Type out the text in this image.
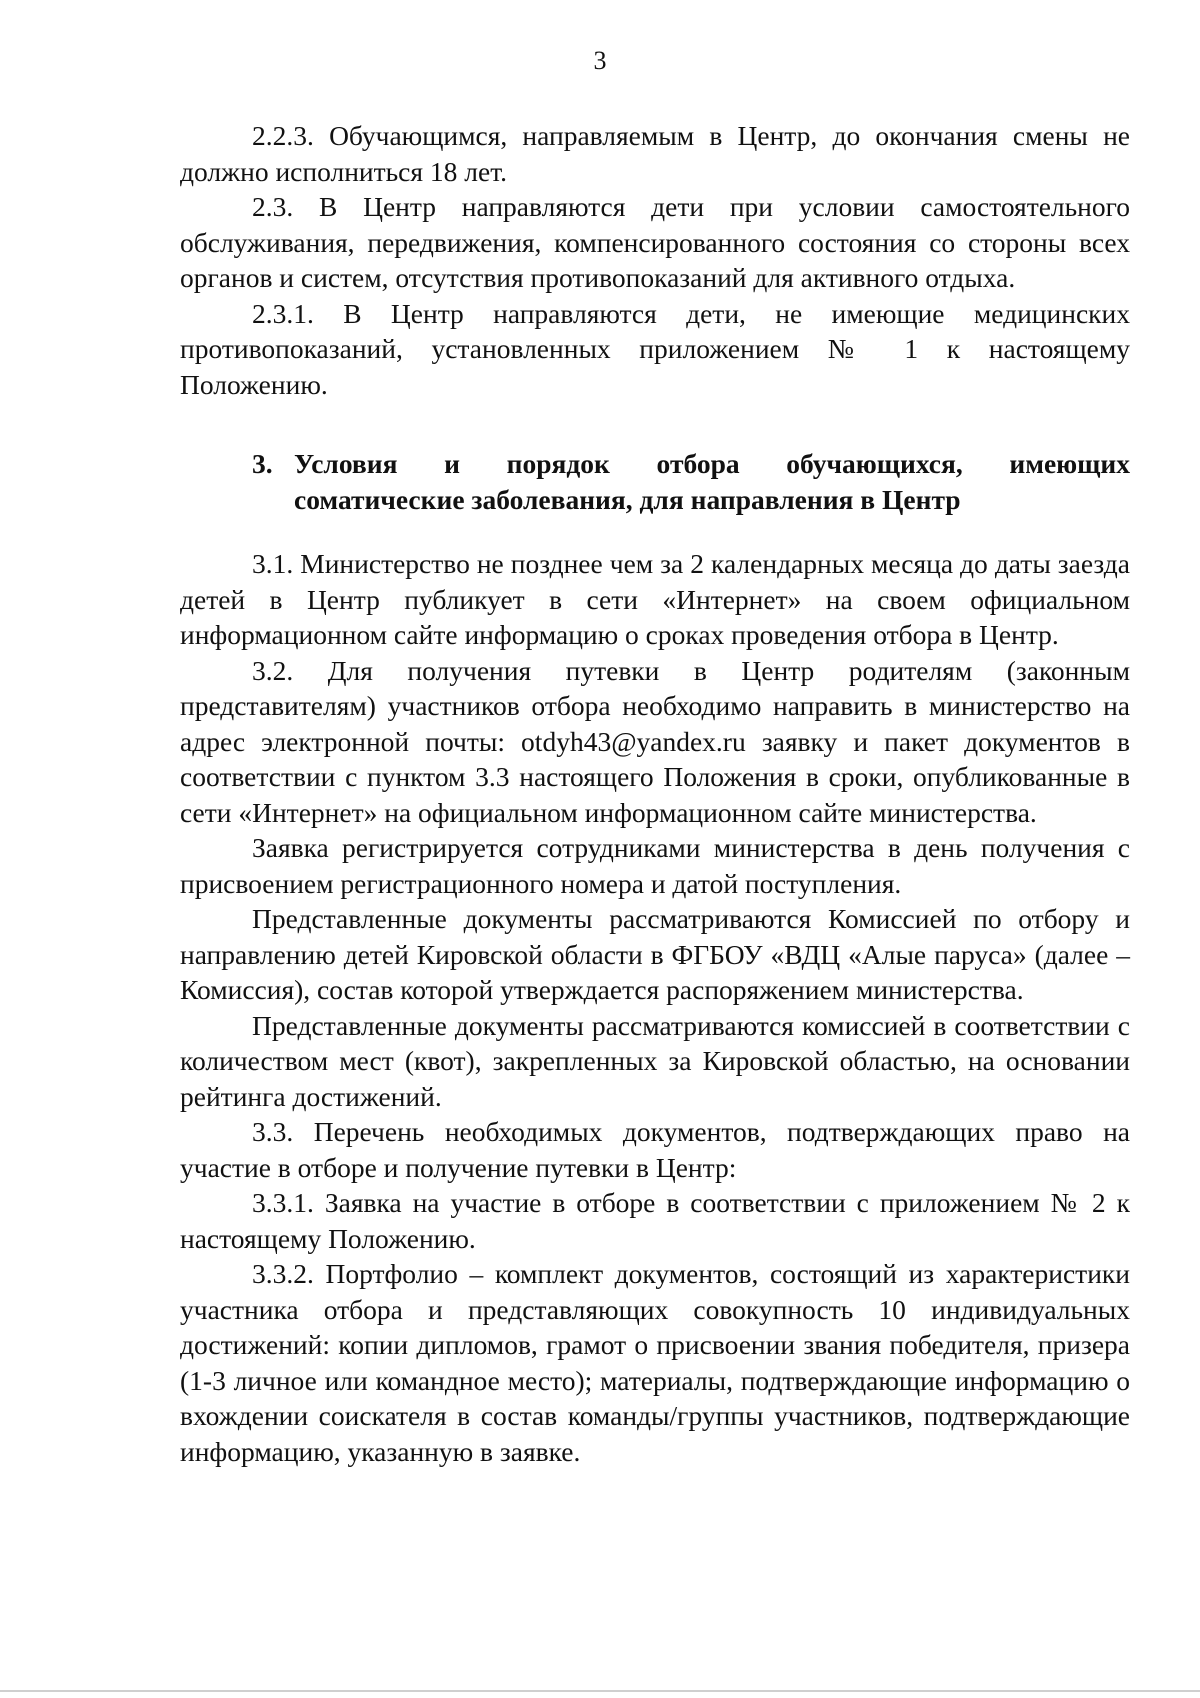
3

2.2.3. Обучающимся, направляемым в Центр, до окончания смены не должно исполниться 18 лет.

2.3. В Центр направляются дети при условии самостоятельного обслуживания, передвижения, компенсированного состояния со стороны всех органов и систем, отсутствия противопоказаний для активного отдыха.

2.3.1. В Центр направляются дети, не имеющие медицинских противопоказаний, установленных приложением № 1 к настоящему Положению.

3. Условия и порядок отбора обучающихся, имеющих
соматические заболевания, для направления в Центр

3.1. Министерство не позднее чем за 2 календарных месяца до даты заезда детей в Центр публикует в сети «Интернет» на своем официальном информационном сайте информацию о сроках проведения отбора в Центр.

3.2. Для получения путевки в Центр родителям (законным представителям) участников отбора необходимо направить в министерство на адрес электронной почты: otdyh43@yandex.ru заявку и пакет документов в соответствии с пунктом 3.3 настоящего Положения в сроки, опубликованные в сети «Интернет» на официальном информационном сайте министерства.

Заявка регистрируется сотрудниками министерства в день получения с присвоением регистрационного номера и датой поступления.

Представленные документы рассматриваются Комиссией по отбору и направлению детей Кировской области в ФГБОУ «ВДЦ «Алые паруса» (далее – Комиссия), состав которой утверждается распоряжением министерства.

Представленные документы рассматриваются комиссией в соответствии с количеством мест (квот), закрепленных за Кировской областью, на основании рейтинга достижений.

3.3. Перечень необходимых документов, подтверждающих право на участие в отборе и получение путевки в Центр:

3.3.1. Заявка на участие в отборе в соответствии с приложением № 2 к настоящему Положению.

3.3.2. Портфолио – комплект документов, состоящий из характеристики участника отбора и представляющих совокупность 10 индивидуальных достижений: копии дипломов, грамот о присвоении звания победителя, призера (1-3 личное или командное место); материалы, подтверждающие информацию о вхождении соискателя в состав команды/группы участников, подтверждающие информацию, указанную в заявке.
